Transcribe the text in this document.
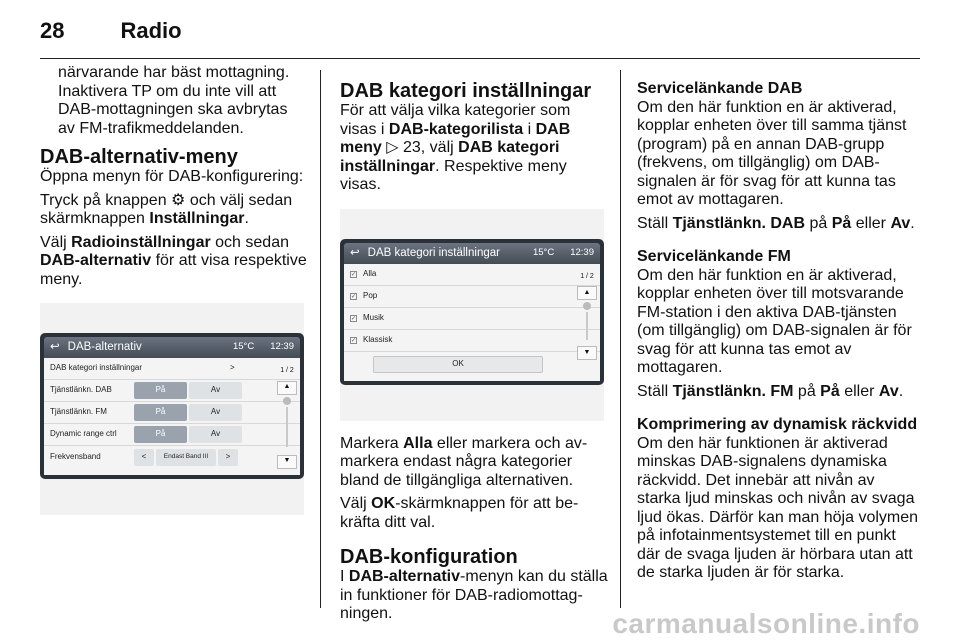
28	Radio

närvarande har bäst mottagning. Inaktivera TP om du inte vill att DAB-mottagningen ska avbrytas av FM-trafikmeddelanden.

DAB-alternativ-meny

Öppna menyn för DAB-konfigurering:

Tryck på knappen ⚙ och välj sedan skärmknappen Inställningar.

Välj Radioinställningar och sedan DAB-alternativ för att visa respektive meny.

↩ DAB-alternativ	15°C 12:39
DAB kategori inställningar	>
Tjänstlänkn. DAB	På	Av
Tjänstlänkn. FM	På	Av
Dynamic range ctrl	På	Av
Frekvensband	<	Endast Band III	>
1 / 2
▲
▼
DAB kategori inställningar

För att välja vilka kategorier som visas i DAB-kategorilista i DAB meny ▷ 23, välj DAB kategori inställningar. Respektive meny visas.

↩ DAB kategori inställningar	15°C 12:39
✓ Alla
✓ Pop
✓ Musik
✓ Klassisk
OK
1 / 2
▲
▼

Markera Alla eller markera och avmarkera endast några kategorier bland de tillgängliga alternativen.

Välj OK-skärmknappen för att bekräfta ditt val.

DAB-konfiguration

I DAB-alternativ-menyn kan du ställa in funktioner för DAB-radiomottagningen.

Servicelänkande DAB

Om den här funktion en är aktiverad, kopplar enheten över till samma tjänst (program) på en annan DAB-grupp (frekvens, om tillgänglig) om DAB-signalen är för svag för att kunna tas emot av mottagaren.

Ställ Tjänstlänkn. DAB på På eller Av.

Servicelänkande FM

Om den här funktion en är aktiverad, kopplar enheten över till motsvarande FM-station i den aktiva DAB-tjänsten (om tillgänglig) om DAB-signalen är för svag för att kunna tas emot av mottagaren.

Ställ Tjänstlänkn. FM på På eller Av.

Komprimering av dynamisk räckvidd

Om den här funktionen är aktiverad minskas DAB-signalens dynamiska räckvidd. Det innebär att nivån av starka ljud minskas och nivån av svaga ljud ökas. Därför kan man höja volymen på infotainmentsystemet till en punkt där de svaga ljuden är hörbara utan att de starka ljuden är för starka.

carmanualsonline.info
